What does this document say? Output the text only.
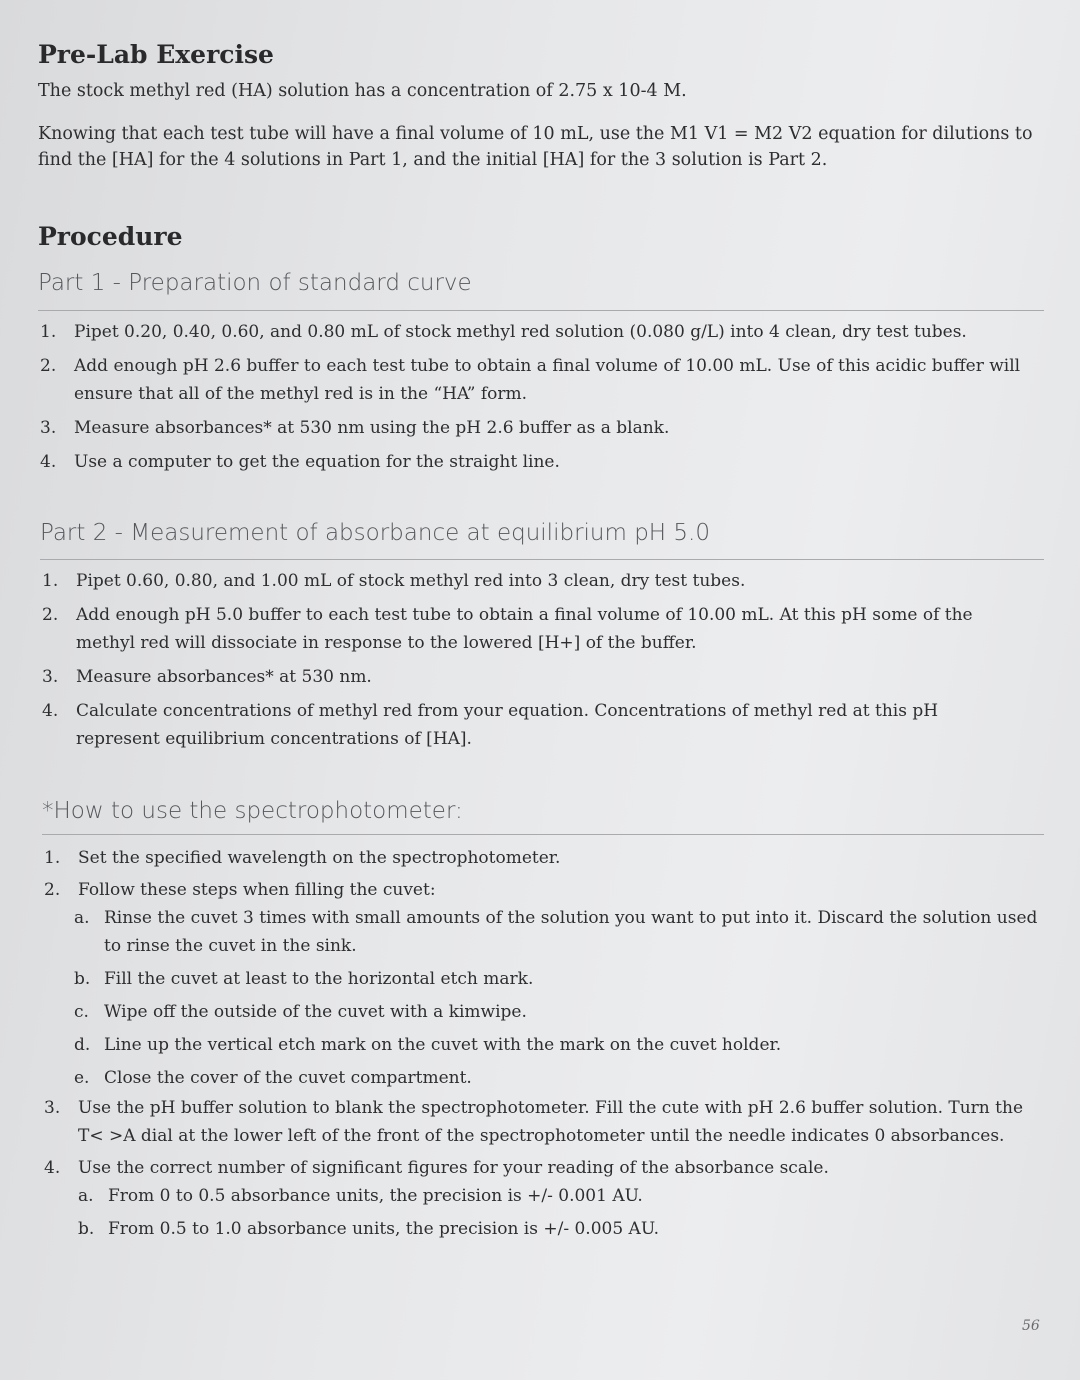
Pre-Lab Exercise
The stock methyl red (HA) solution has a concentration of 2.75 x 10-4 M.
Knowing that each test tube will have a final volume of 10 mL, use the M1 V1 = M2 V2 equation for dilutions to
find the [HA] for the 4 solutions in Part 1, and the initial [HA] for the 3 solution is Part 2.
Procedure
Part 1 - Preparation of standard curve
1. Pipet 0.20, 0.40, 0.60, and 0.80 mL of stock methyl red solution (0.080 g/L) into 4 clean, dry test tubes.
2. Add enough pH 2.6 buffer to each test tube to obtain a final volume of 10.00 mL. Use of this acidic buffer will ensure that all of the methyl red is in the “HA” form.
3. Measure absorbances* at 530 nm using the pH 2.6 buffer as a blank.
4. Use a computer to get the equation for the straight line.
Part 2 - Measurement of absorbance at equilibrium pH 5.0
1. Pipet 0.60, 0.80, and 1.00 mL of stock methyl red into 3 clean, dry test tubes.
2. Add enough pH 5.0 buffer to each test tube to obtain a final volume of 10.00 mL. At this pH some of the methyl red will dissociate in response to the lowered [H+] of the buffer.
3. Measure absorbances* at 530 nm.
4. Calculate concentrations of methyl red from your equation. Concentrations of methyl red at this pH represent equilibrium concentrations of [HA].
*How to use the spectrophotometer:
1. Set the specified wavelength on the spectrophotometer.
2. Follow these steps when filling the cuvet:
a. Rinse the cuvet 3 times with small amounts of the solution you want to put into it. Discard the solution used to rinse the cuvet in the sink.
b. Fill the cuvet at least to the horizontal etch mark.
c. Wipe off the outside of the cuvet with a kimwipe.
d. Line up the vertical etch mark on the cuvet with the mark on the cuvet holder.
e. Close the cover of the cuvet compartment.
3. Use the pH buffer solution to blank the spectrophotometer. Fill the cute with pH 2.6 buffer solution. Turn the T< >A dial at the lower left of the front of the spectrophotometer until the needle indicates 0 absorbances.
4. Use the correct number of significant figures for your reading of the absorbance scale.
a. From 0 to 0.5 absorbance units, the precision is +/- 0.001 AU.
b. From 0.5 to 1.0 absorbance units, the precision is +/- 0.005 AU.
56
